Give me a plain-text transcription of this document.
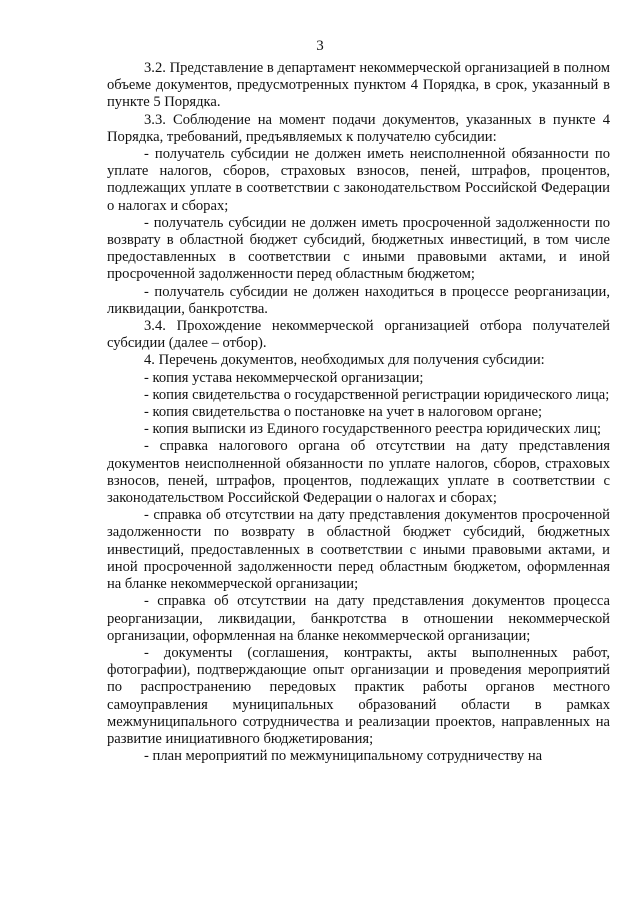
3

3.2. Представление в департамент некоммерческой организацией в полном объеме документов, предусмотренных пунктом 4 Порядка, в срок, указанный в пункте 5 Порядка.

3.3. Соблюдение на момент подачи документов, указанных в пункте 4 Порядка, требований, предъявляемых к получателю субсидии:

- получатель субсидии не должен иметь неисполненной обязанности по уплате налогов, сборов, страховых взносов, пеней, штрафов, процентов, подлежащих уплате в соответствии с законодательством Российской Федерации о налогах и сборах;

- получатель субсидии не должен иметь просроченной задолженности по возврату в областной бюджет субсидий, бюджетных инвестиций, в том числе предоставленных в соответствии с иными правовыми актами, и иной просроченной задолженности перед областным бюджетом;

- получатель субсидии не должен находиться в процессе реорганизации, ликвидации, банкротства.

3.4. Прохождение некоммерческой организацией отбора получателей субсидии (далее – отбор).

4. Перечень документов, необходимых для получения субсидии:

- копия устава некоммерческой организации;

- копия свидетельства о государственной регистрации юридического лица;

- копия свидетельства о постановке на учет в налоговом органе;

- копия выписки из Единого государственного реестра юридических лиц;

- справка налогового органа об отсутствии на дату представления документов неисполненной обязанности по уплате налогов, сборов, страховых взносов, пеней, штрафов, процентов, подлежащих уплате в соответствии с законодательством Российской Федерации о налогах и сборах;

- справка об отсутствии на дату представления документов просроченной задолженности по возврату в областной бюджет субсидий, бюджетных инвестиций, предоставленных в соответствии с иными правовыми актами, и иной просроченной задолженности перед областным бюджетом, оформленная на бланке некоммерческой организации;

- справка об отсутствии на дату представления документов процесса реорганизации, ликвидации, банкротства в отношении некоммерческой организации, оформленная на бланке некоммерческой организации;

- документы (соглашения, контракты, акты выполненных работ, фотографии), подтверждающие опыт организации и проведения мероприятий по распространению передовых практик работы органов местного самоуправления муниципальных образований области в рамках межмуниципального сотрудничества и реализации проектов, направленных на развитие инициативного бюджетирования;

- план мероприятий по межмуниципальному сотрудничеству на
